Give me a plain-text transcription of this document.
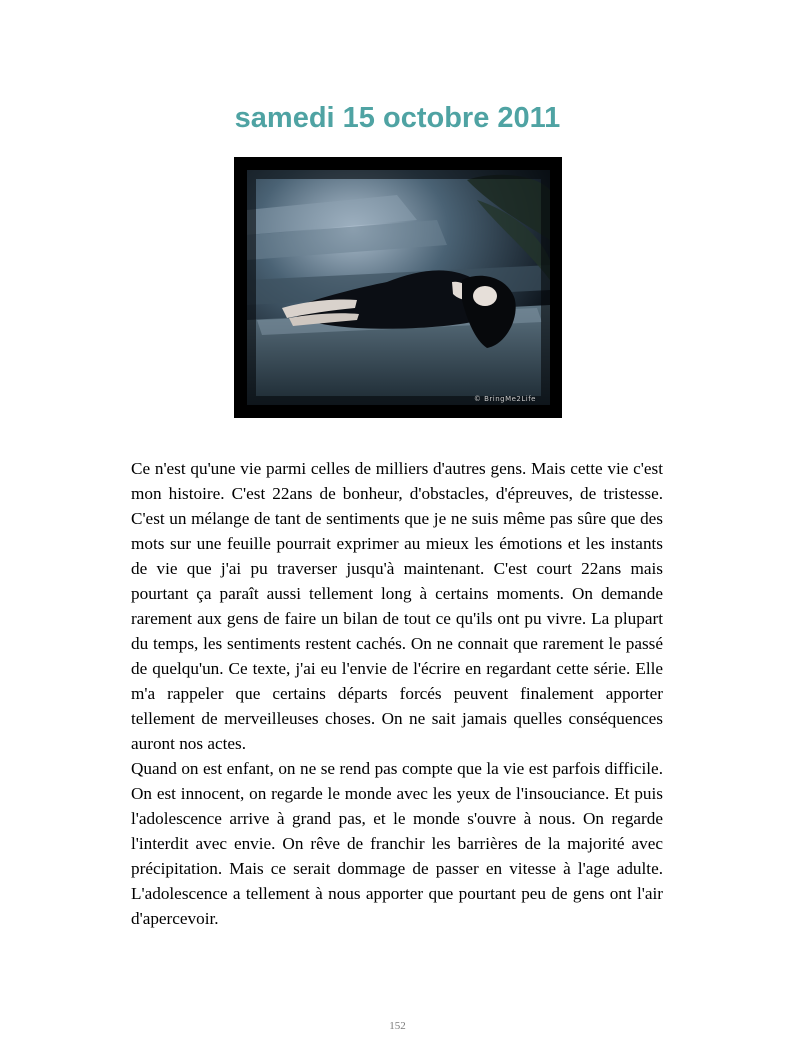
samedi 15 octobre 2011
© BringMe2Life

Ce n'est qu'une vie parmi celles de milliers d'autres gens. Mais cette vie c'est mon histoire. C'est 22ans de bonheur, d'obstacles, d'épreuves, de tristesse. C'est un mélange de tant de sentiments que je ne suis même pas sûre que des mots sur une feuille pourrait exprimer au mieux les émotions et les instants de vie que j'ai pu traverser jusqu'à maintenant. C'est court 22ans mais pourtant ça paraît aussi tellement long à certains moments. On demande rarement aux gens de faire un bilan de tout ce qu'ils ont pu vivre. La plupart du temps, les sentiments restent cachés. On ne connait que rarement le passé de quelqu'un. Ce texte, j'ai eu l'envie de l'écrire en regardant cette série. Elle m'a rappeler que certains départs forcés peuvent finalement apporter tellement de merveilleuses choses. On ne sait jamais quelles conséquences auront nos actes.

Quand on est enfant, on ne se rend pas compte que la vie est parfois difficile. On est innocent, on regarde le monde avec les yeux de l'insouciance. Et puis l'adolescence arrive à grand pas, et le monde s'ouvre à nous. On regarde l'interdit avec envie. On rêve de franchir les barrières de la majorité avec précipitation. Mais ce serait dommage de passer en vitesse à l'age adulte. L'adolescence a tellement à nous apporter que pourtant peu de gens ont l'air d'apercevoir.

152
